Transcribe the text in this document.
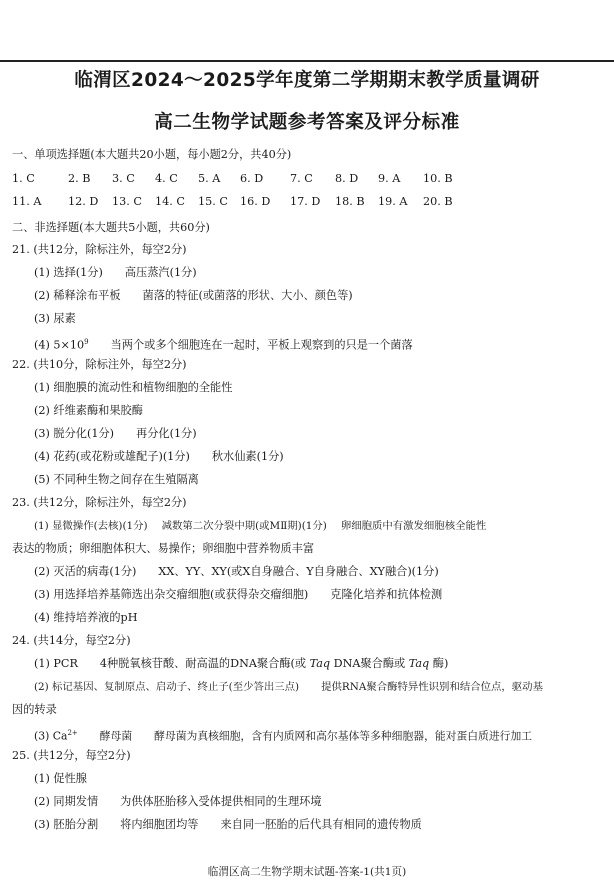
临渭区2024～2025学年度第二学期期末教学质量调研
高二生物学试题参考答案及评分标准
一、单项选择题(本大题共20小题，每小题2分，共40分)
1. C	2. B 3. C 4. C 5. A 6. D 7. C 8. D 9. A 10. B
11. A 12. D 13. C 14. C 15. C 16. D 17. D 18. B 19. A 20. B
二、非选择题(本大题共5小题，共60分)
21. (共12分，除标注外，每空2分)
(1) 选择(1分) 高压蒸汽(1分)
(2) 稀释涂布平板 菌落的特征(或菌落的形状、大小、颜色等)
(3) 尿素
(4) $5\times 10^9$ 当两个或多个细胞连在一起时，平板上观察到的只是一个菌落
22. (共10分，除标注外，每空2分)
(1) 细胞膜的流动性和植物细胞的全能性
(2) 纤维素酶和果胶酶
(3) 脱分化(1分) 再分化(1分)
(4) 花药(或花粉或雄配子)(1分) 秋水仙素(1分)
(5) 不同种生物之间存在生殖隔离
23. (共12分，除标注外，每空2分)
(1) 显微操作(去核)(1分) 减数第二次分裂中期(或MⅡ期)(1分) 卵细胞质中有激发细胞核全能性
表达的物质；卵细胞体积大、易操作；卵细胞中营养物质丰富
(2) 灭活的病毒(1分) XX、YY、XY(或X自身融合、Y自身融合、XY融合)(1分)
(3) 用选择培养基筛选出杂交瘤细胞(或获得杂交瘤细胞) 克隆化培养和抗体检测
(4) 维持培养液的pH
24. (共14分，每空2分)
(1) PCR 4种脱氧核苷酸、耐高温的DNA聚合酶(或 Taq DNA聚合酶或 Taq 酶)
(2) 标记基因、复制原点、启动子、终止子(至少答出三点) 提供RNA聚合酶特异性识别和结合位点，驱动基
因的转录
(3) $Ca^{2+}$ 酵母菌 酵母菌为真核细胞，含有内质网和高尔基体等多种细胞器，能对蛋白质进行加工
25. (共12分，每空2分)
(1) 促性腺
(2) 同期发情 为供体胚胎移入受体提供相同的生理环境
(3) 胚胎分割 将内细胞团均等 来自同一胚胎的后代具有相同的遗传物质
临渭区高二生物学期末试题-答案-1(共1页)
